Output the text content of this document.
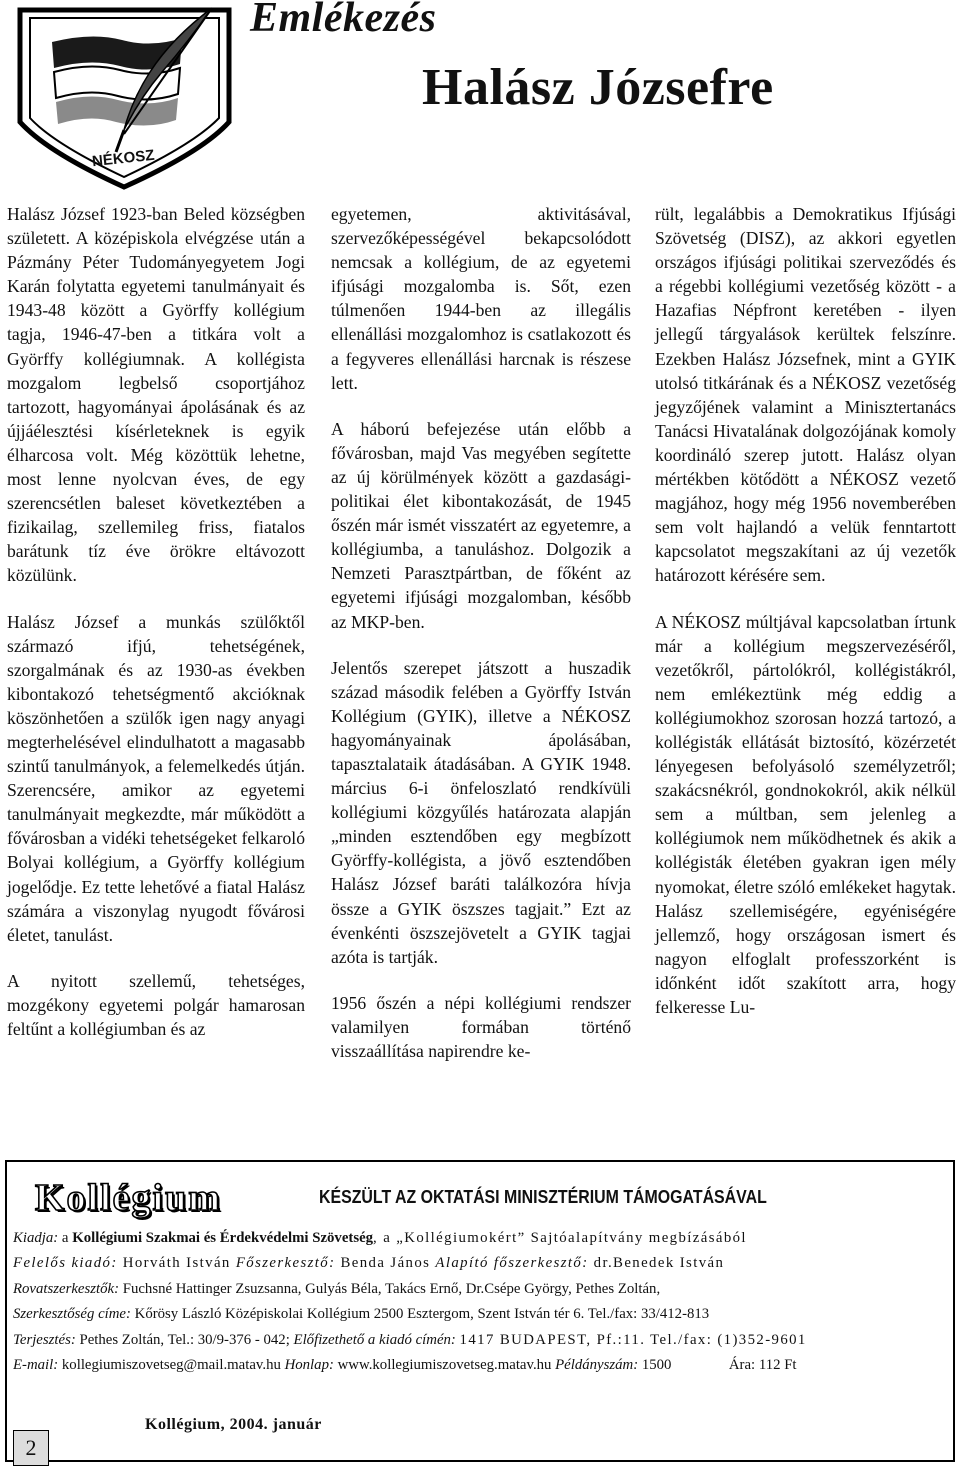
NÉKOSZ
Emlékezés
Halász Józsefre

Halász József 1923-ban Beled községben született. A középiskola elvégzése után a Pázmány Péter Tudományegyetem Jogi Karán folytatta egyetemi tanulmányait és 1943-48 között a Györffy kollégium tagja, 1946-47-ben a titkára volt a Györffy kollégiumnak. A kollégista mozgalom legbelső csoportjához tartozott, hagyományai ápolásának és az újjáélesztési kísérleteknek is egyik élharcosa volt. Még közöttük lehetne, most lenne nyolcvan éves, de egy szerencsétlen baleset következtében a fizikailag, szellemileg friss, fiatalos barátunk tíz éve örökre eltávozott közülünk.

Halász József a munkás szülőktől származó ifjú, tehetségének, szorgalmának és az 1930-as években kibontakozó tehetségmentő akcióknak köszönhetően a szülők igen nagy anyagi megterhelésével elindulhatott a magasabb szintű tanulmányok, a felemelkedés útján. Szerencsére, amikor az egyetemi tanulmányait megkezdte, már működött a fővárosban a vidéki tehetségeket felkaroló Bolyai kollégium, a Györffy kollégium jogelődje. Ez tette lehetővé a fiatal Halász számára a viszonylag nyugodt fővárosi életet, tanulást.

A nyitott szellemű, tehetséges, mozgékony egyetemi polgár hamarosan feltűnt a kollégiumban és az

egyetemen, aktivitásával, szervezőképességével bekapcsolódott nemcsak a kollégium, de az egyetemi ifjúsági mozgalomba is. Sőt, ezen túlmenően 1944-ben az illegális ellenállási mozgalomhoz is csatlakozott és a fegyveres ellenállási harcnak is részese lett.

A háború befejezése után előbb a fővárosban, majd Vas megyében segítette az új körülmények között a gazdasági-politikai élet kibontakozását, de 1945 őszén már ismét visszatért az egyetemre, a kollégiumba, a tanuláshoz. Dolgozik a Nemzeti Parasztpártban, de főként az egyetemi ifjúsági mozgalomban, később az MKP-ben.

Jelentős szerepet játszott a huszadik század második felében a Györffy István Kollégium (GYIK), illetve a NÉKOSZ hagyományainak ápolásában, tapasztalataik átadásában. A GYIK 1948. március 6-i önfeloszlató rendkívüli kollégiumi közgyűlés határozata alapján „minden esztendőben egy megbízott Györffy-kollégista, a jövő esztendőben Halász József baráti találkozóra hívja össze a GYIK öszszes tagjait.” Ezt az évenkénti öszszejövetelt a GYIK tagjai azóta is tartják.

1956 őszén a népi kollégiumi rendszer valamilyen formában történő visszaállítása napirendre ke-

rült, legalábbis a Demokratikus Ifjúsági Szövetség (DISZ), az akkori egyetlen országos ifjúsági politikai szerveződés és a régebbi kollégiumi vezetőség között - a Hazafias Népfront keretében - ilyen jellegű tárgyalások kerültek felszínre. Ezekben Halász Józsefnek, mint a GYIK utolsó titkárának és a NÉKOSZ vezetőség jegyzőjének valamint a Minisztertanács Tanácsi Hivatalának dolgozójának komoly koordináló szerep jutott. Halász olyan mértékben kötődött a NÉKOSZ vezető magjához, hogy még 1956 novemberében sem volt hajlandó a velük fenntartott kapcsolatot megszakítani az új vezetők határozott kérésére sem.

A NÉKOSZ múltjával kapcsolatban írtunk már a kollégium megszervezéséről, vezetőkről, pártolókról, kollégistákról, nem emlékeztünk még eddig a kollégiumokhoz szorosan hozzá tartozó, a kollégisták ellátását biztosító, közérzetét lényegesen befolyásoló személyzetről; szakácsnékról, gondnokokról, akik nélkül sem a múltban, sem jelenleg a kollégiumok nem működhetnek és akik a kollégisták életében gyakran igen mély nyomokat, életre szóló emlékeket hagytak. Halász szellemiségére, egyéniségére jellemző, hogy országosan ismert és nagyon elfoglalt professzorként is időnként időt szakított arra, hogy felkeresse Lu-

Kollégium	KÉSZÜLT AZ OKTATÁSI MINISZTÉRIUM TÁMOGATÁSÁVAL
Kiadja: a Kollégiumi Szakmai és Érdekvédelmi Szövetség, a „Kollégiumokért” Sajtóalapítvány megbízásából
Felelős kiadó: Horváth István Főszerkesztő: Benda János Alapító főszerkesztő: dr.Benedek István
Rovatszerkesztők: Fuchsné Hattinger Zsuzsanna, Gulyás Béla, Takács Ernő, Dr.Csépe György, Pethes Zoltán,
Szerkesztőség címe: Kőrösy László Középiskolai Kollégium 2500 Esztergom, Szent István tér 6. Tel./fax: 33/412-813
Terjesztés: Pethes Zoltán, Tel.: 30/9-376 - 042; Előfizethető a kiadó címén: 1417 BUDAPEST, Pf.:11. Tel./fax: (1)352-9601
E-mail: kollegiumiszovetseg@mail.matav.hu Honlap: www.kollegiumiszovetseg.matav.hu Példányszám: 1500	Ára: 112 Ft
2
Kollégium, 2004. január
